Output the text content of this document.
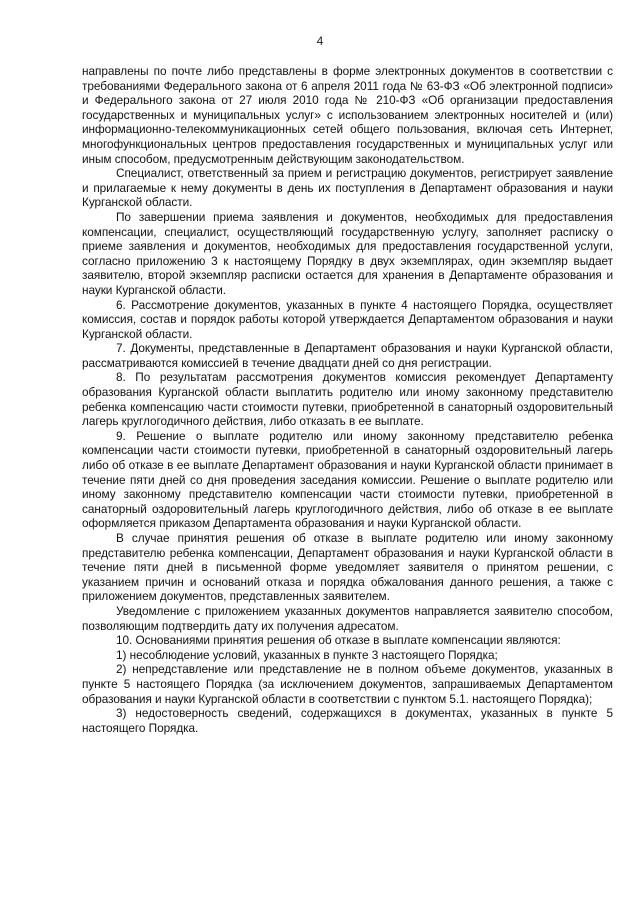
4

направлены по почте либо представлены в форме электронных документов в соответствии с требованиями Федерального закона от 6 апреля 2011 года № 63-ФЗ «Об электронной подписи» и Федерального закона от 27 июля 2010 года № 210-ФЗ «Об организации предоставления государственных и муниципальных услуг» с использованием электронных носителей и (или) информационно-телекоммуникационных сетей общего пользования, включая сеть Интернет, многофункциональных центров предоставления государственных и муниципальных услуг или иным способом, предусмотренным действующим законодательством.

Специалист, ответственный за прием и регистрацию документов, регистрирует заявление и прилагаемые к нему документы в день их поступления в Департамент образования и науки Курганской области.

По завершении приема заявления и документов, необходимых для предоставления компенсации, специалист, осуществляющий государственную услугу, заполняет расписку о приеме заявления и документов, необходимых для предоставления государственной услуги, согласно приложению 3 к настоящему Порядку в двух экземплярах, один экземпляр выдает заявителю, второй экземпляр расписки остается для хранения в Департаменте образования и науки Курганской области.

6. Рассмотрение документов, указанных в пункте 4 настоящего Порядка, осуществляет комиссия, состав и порядок работы которой утверждается Департаментом образования и науки Курганской области.

7. Документы, представленные в Департамент образования и науки Курганской области, рассматриваются комиссией в течение двадцати дней со дня регистрации.

8. По результатам рассмотрения документов комиссия рекомендует Департаменту образования Курганской области выплатить родителю или иному законному представителю ребенка компенсацию части стоимости путевки, приобретенной в санаторный оздоровительный лагерь круглогодичного действия, либо отказать в ее выплате.

9. Решение о выплате родителю или иному законному представителю ребенка компенсации части стоимости путевки, приобретенной в санаторный оздоровительный лагерь либо об отказе в ее выплате Департамент образования и науки Курганской области принимает в течение пяти дней со дня проведения заседания комиссии. Решение о выплате родителю или иному законному представителю компенсации части стоимости путевки, приобретенной в санаторный оздоровительный лагерь круглогодичного действия, либо об отказе в ее выплате оформляется приказом Департамента образования и науки Курганской области.

В случае принятия решения об отказе в выплате родителю или иному законному представителю ребенка компенсации, Департамент образования и науки Курганской области в течение пяти дней в письменной форме уведомляет заявителя о принятом решении, с указанием причин и оснований отказа и порядка обжалования данного решения, а также с приложением документов, представленных заявителем.

Уведомление с приложением указанных документов направляется заявителю способом, позволяющим подтвердить дату их получения адресатом.

10. Основаниями принятия решения об отказе в выплате компенсации являются:

1) несоблюдение условий, указанных в пункте 3 настоящего Порядка;

2) непредставление или представление не в полном объеме документов, указанных в пункте 5 настоящего Порядка (за исключением документов, запрашиваемых Департаментом образования и науки Курганской области в соответствии с пунктом 5.1. настоящего Порядка);

3) недостоверность сведений, содержащихся в документах, указанных в пункте 5 настоящего Порядка.
